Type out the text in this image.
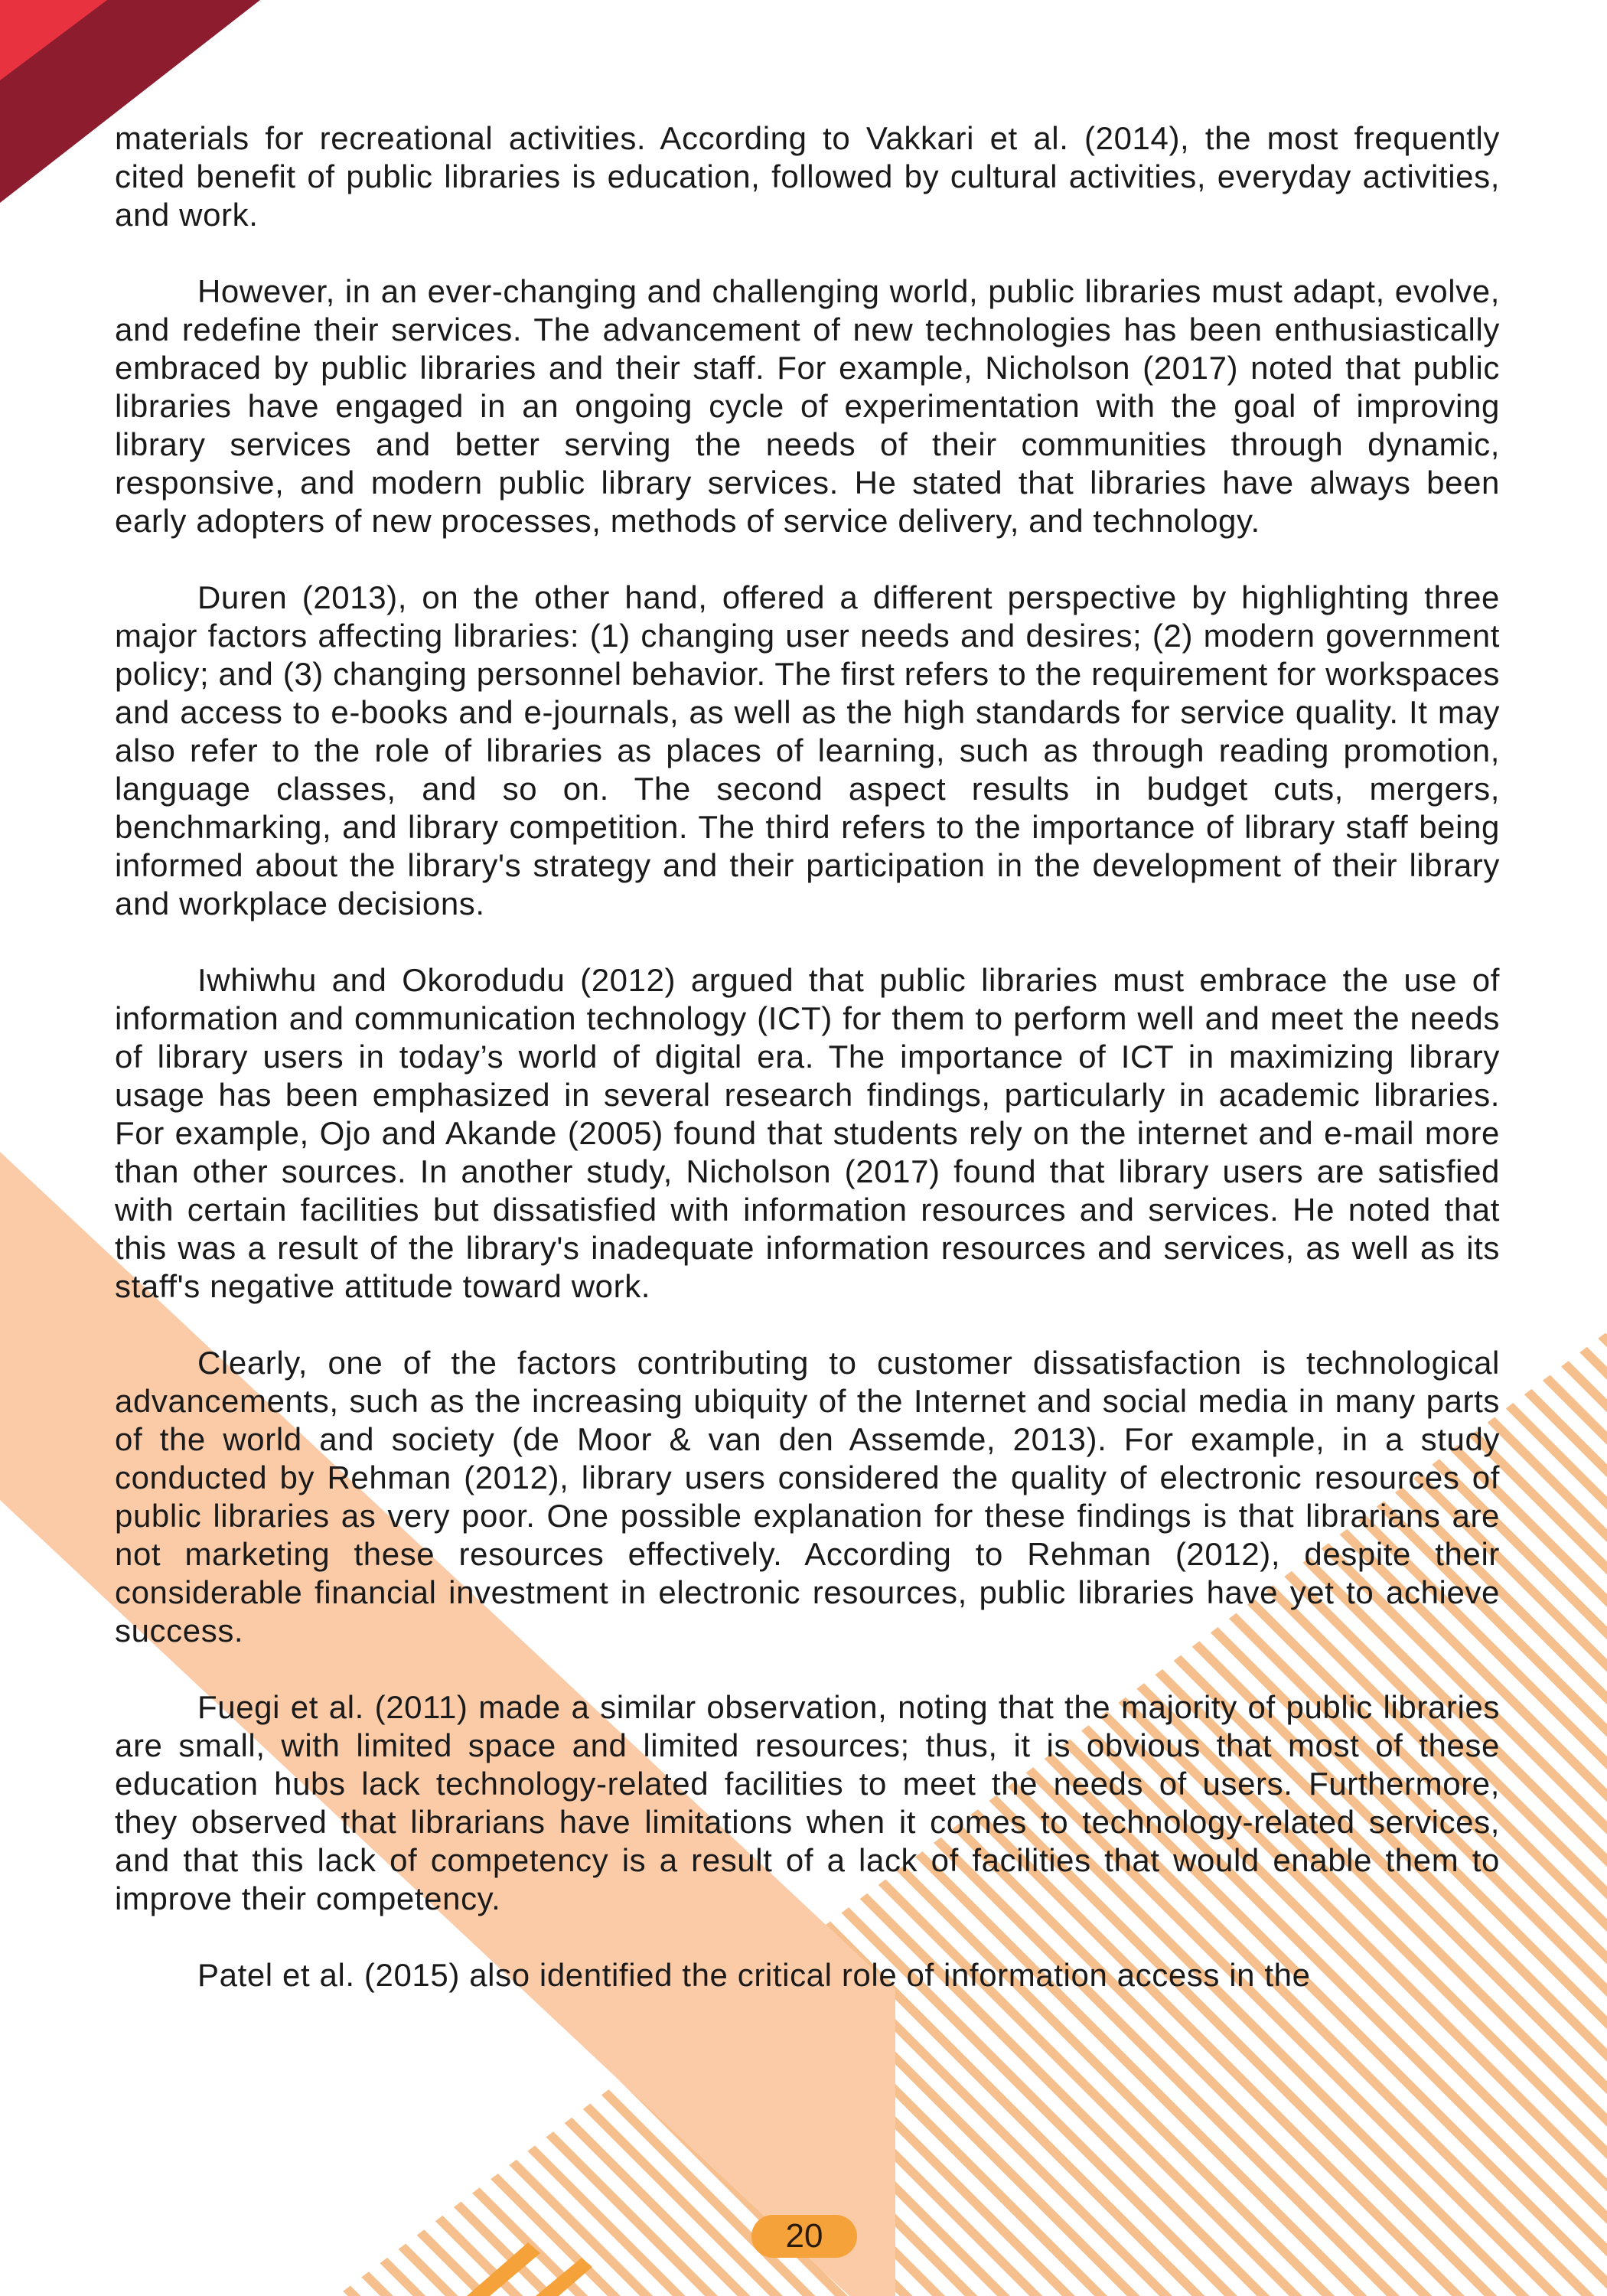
materials for recreational activities. According to Vakkari et al. (2014), the most frequently cited benefit of public libraries is education, followed by cultural activities, everyday activities, and work.

However, in an ever-changing and challenging world, public libraries must adapt, evolve, and redefine their services. The advancement of new technologies has been enthusiastically embraced by public libraries and their staff. For example, Nicholson (2017) noted that public libraries have engaged in an ongoing cycle of experimentation with the goal of improving library services and better serving the needs of their communities through dynamic, responsive, and modern public library services. He stated that libraries have always been early adopters of new processes, methods of service delivery, and technology.

Duren (2013), on the other hand, offered a different perspective by highlighting three major factors affecting libraries: (1) changing user needs and desires; (2) modern government policy; and (3) changing personnel behavior. The first refers to the requirement for workspaces and access to e-books and e-journals, as well as the high standards for service quality. It may also refer to the role of libraries as places of learning, such as through reading promotion, language classes, and so on. The second aspect results in budget cuts, mergers, benchmarking, and library competition. The third refers to the importance of library staff being informed about the library's strategy and their participation in the development of their library and workplace decisions.

Iwhiwhu and Okorodudu (2012) argued that public libraries must embrace the use of information and communication technology (ICT) for them to perform well and meet the needs of library users in today’s world of digital era. The importance of ICT in maximizing library usage has been emphasized in several research findings, particularly in academic libraries. For example, Ojo and Akande (2005) found that students rely on the internet and e-mail more than other sources. In another study, Nicholson (2017) found that library users are satisfied with certain facilities but dissatisfied with information resources and services. He noted that this was a result of the library's inadequate information resources and services, as well as its staff's negative attitude toward work.

Clearly, one of the factors contributing to customer dissatisfaction is technological advancements, such as the increasing ubiquity of the Internet and social media in many parts of the world and society (de Moor & van den Assemde, 2013). For example, in a study conducted by Rehman (2012), library users considered the quality of electronic resources of public libraries as very poor. One possible explanation for these findings is that librarians are not marketing these resources effectively. According to Rehman (2012), despite their considerable financial investment in electronic resources, public libraries have yet to achieve success.

Fuegi et al. (2011) made a similar observation, noting that the majority of public libraries are small, with limited space and limited resources; thus, it is obvious that most of these education hubs lack technology-related facilities to meet the needs of users. Furthermore, they observed that librarians have limitations when it comes to technology-related services, and that this lack of competency is a result of a lack of facilities that would enable them to improve their competency.

Patel et al. (2015) also identified the critical role of information access in the

20
